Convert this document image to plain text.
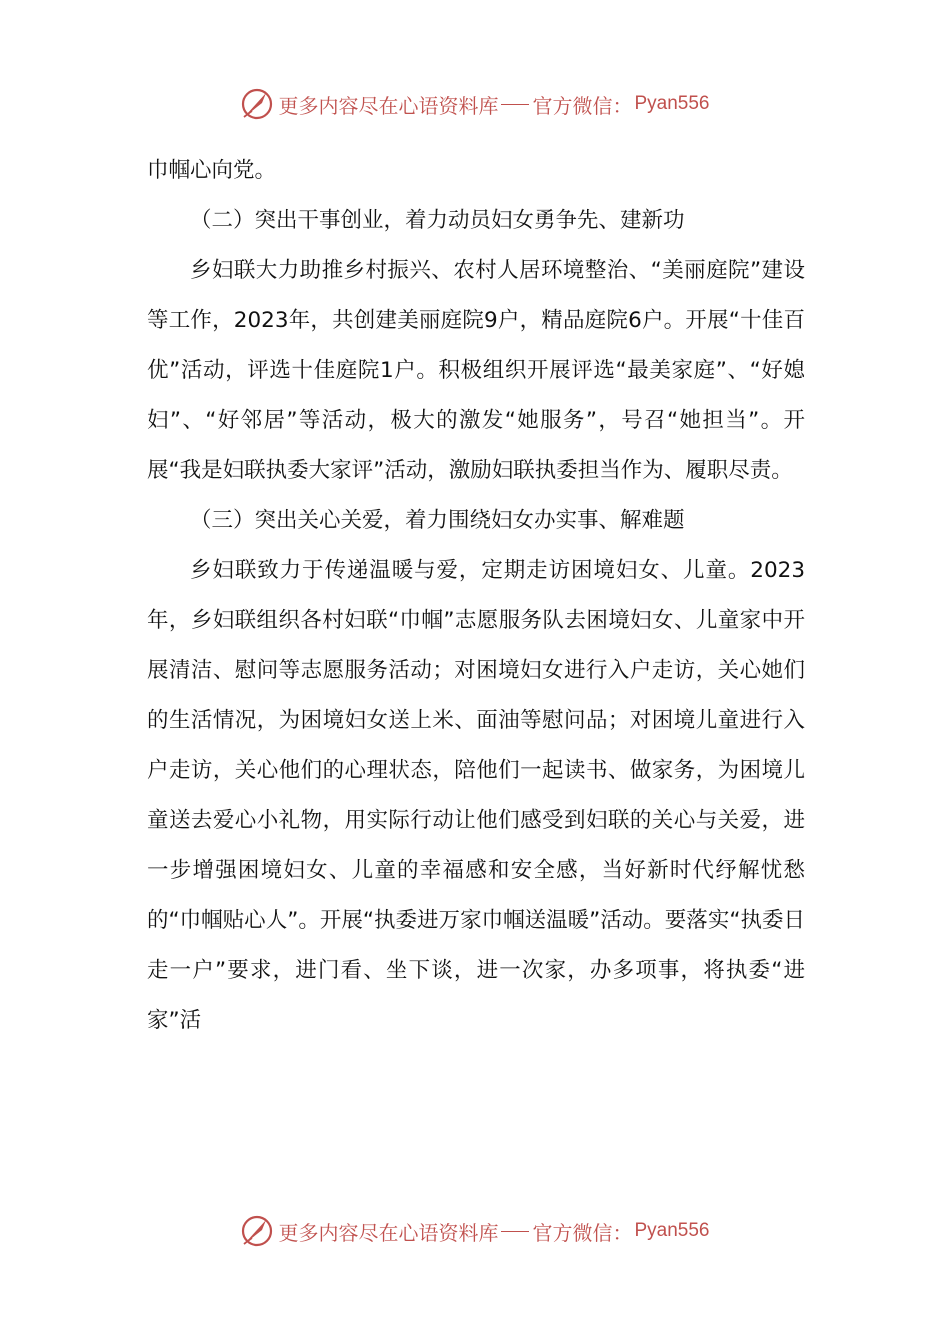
更多内容尽在心语资料库 官方微信： Pyan556

巾帼心向党。

（二）突出干事创业，着力动员妇女勇争先、建新功

乡妇联大力助推乡村振兴、农村人居环境整治、“美丽庭院”建设等工作，2023年，共创建美丽庭院9户，精品庭院6户。开展“十佳百优”活动，评选十佳庭院1户。积极组织开展评选“最美家庭”、“好媳妇”、“好邻居”等活动，极大的激发“她服务”，号召“她担当”。开展“我是妇联执委大家评”活动，激励妇联执委担当作为、履职尽责。

（三）突出关心关爱，着力围绕妇女办实事、解难题

乡妇联致力于传递温暖与爱，定期走访困境妇女、儿童。2023年，乡妇联组织各村妇联“巾帼”志愿服务队去困境妇女、儿童家中开展清洁、慰问等志愿服务活动；对困境妇女进行入户走访，关心她们的生活情况，为困境妇女送上米、面油等慰问品；对困境儿童进行入户走访，关心他们的心理状态，陪他们一起读书、做家务，为困境儿童送去爱心小礼物，用实际行动让他们感受到妇联的关心与关爱，进一步增强困境妇女、儿童的幸福感和安全感，当好新时代纾解忧愁的“巾帼贴心人”。开展“执委进万家巾帼送温暖”活动。要落实“执委日走一户”要求，进门看、坐下谈，进一次家，办多项事，将执委“进家”活

更多内容尽在心语资料库 官方微信： Pyan556
